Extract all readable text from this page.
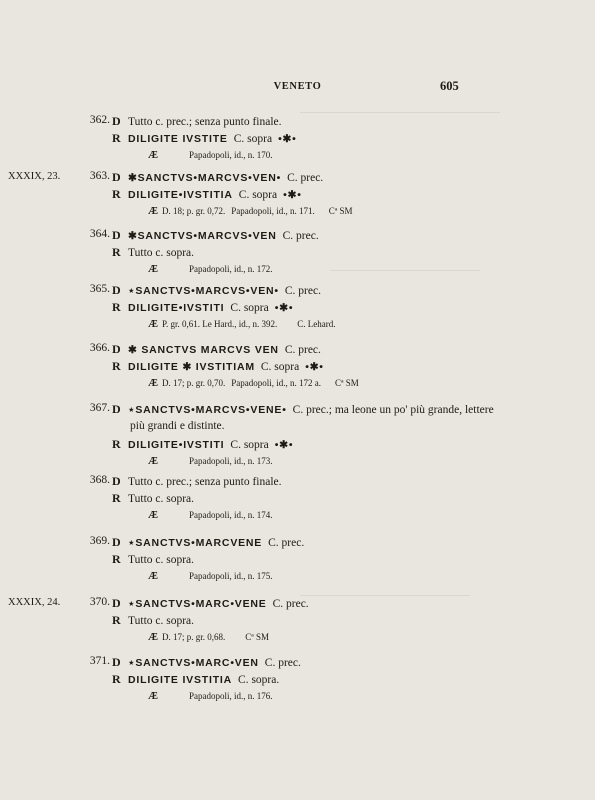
VENETO	605
362. D Tutto c. prec.; senza punto finale.
R DILIGITE IVSTITE C. sopra •✱•
Æ   	Papadopoli, id., n. 170.
XXXIX, 23.	363. D ✱SANCTVS•MARCVS•VEN• C. prec.
R DILIGITE•IVSTITIA C. sopra •✱•
Æ D. 18; p. gr. 0,72. Papadopoli, id., n. 171. Cª SM
364. D ✱SANCTVS•MARCVS•VEN C. prec.
R Tutto c. sopra.
Æ   	Papadopoli, id., n. 172.
365. D ⋆SANCTVS•MARCVS•VEN• C. prec.
R DILIGITE•IVSTITI C. sopra •✱•
Æ P. gr. 0,61. Le Hard., id., n. 392. C. Lehard.
366. D ✱ SANCTVS MARCVS VEN C. prec.
R DILIGITE ✱ IVSTITIAM C. sopra •✱•
Æ D. 17; p. gr. 0,70. Papadopoli, id., n. 172 a. Cª SM
367. D ⋆SANCTVS•MARCVS•VENE• C. prec.; ma leone un po' più grande, lettere
più grandi e distinte.
R DILIGITE•IVSTITI C. sopra •✱•
Æ   	Papadopoli, id., n. 173.
368. D Tutto c. prec.; senza punto finale.
R Tutto c. sopra.
Æ   	Papadopoli, id., n. 174.
369. D ⋆SANCTVS•MARCVENE C. prec.
R Tutto c. sopra.
Æ   	Papadopoli, id., n. 175.
XXXIX, 24.	370. D ⋆SANCTVS•MARC•VENE C. prec.
R Tutto c. sopra.
Æ D. 17; p. gr. 0,68. Cª SM
371. D ⋆SANCTVS•MARC•VEN C. prec.
R DILIGITE IVSTITIA C. sopra.
Æ   	Papadopoli, id., n. 176.
